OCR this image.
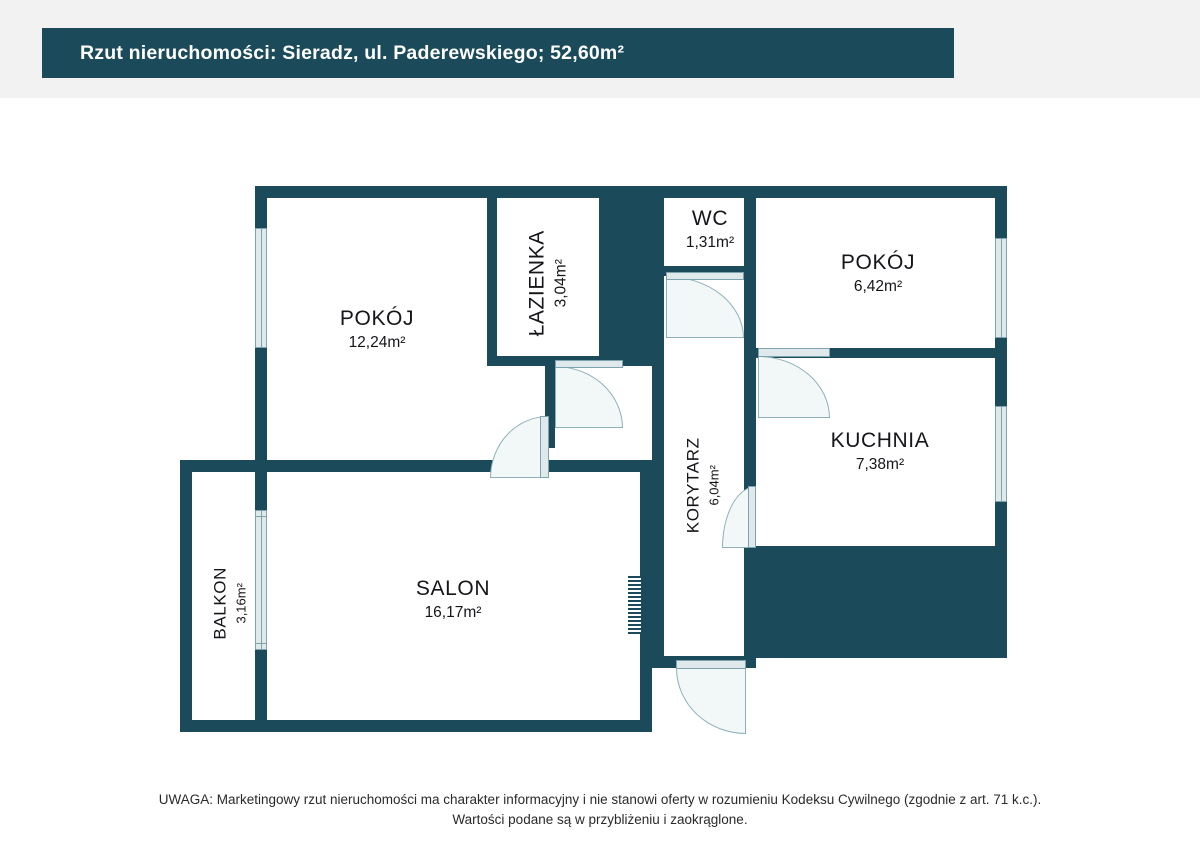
Rzut nieruchomości: Sieradz, ul. Paderewskiego; 52,60m²
POKÓJ
12,24m²
ŁAZIENKA 3,04m²
WC
1,31m²
POKÓJ
6,42m²
KUCHNIA
7,38m²
KORYTARZ 6,04m²
SALON
16,17m²
BALKON 3,16m²
UWAGA: Marketingowy rzut nieruchomości ma charakter informacyjny i nie stanowi oferty w rozumieniu Kodeksu Cywilnego (zgodnie z art. 71 k.c.).
Wartości podane są w przybliżeniu i zaokrąglone.
